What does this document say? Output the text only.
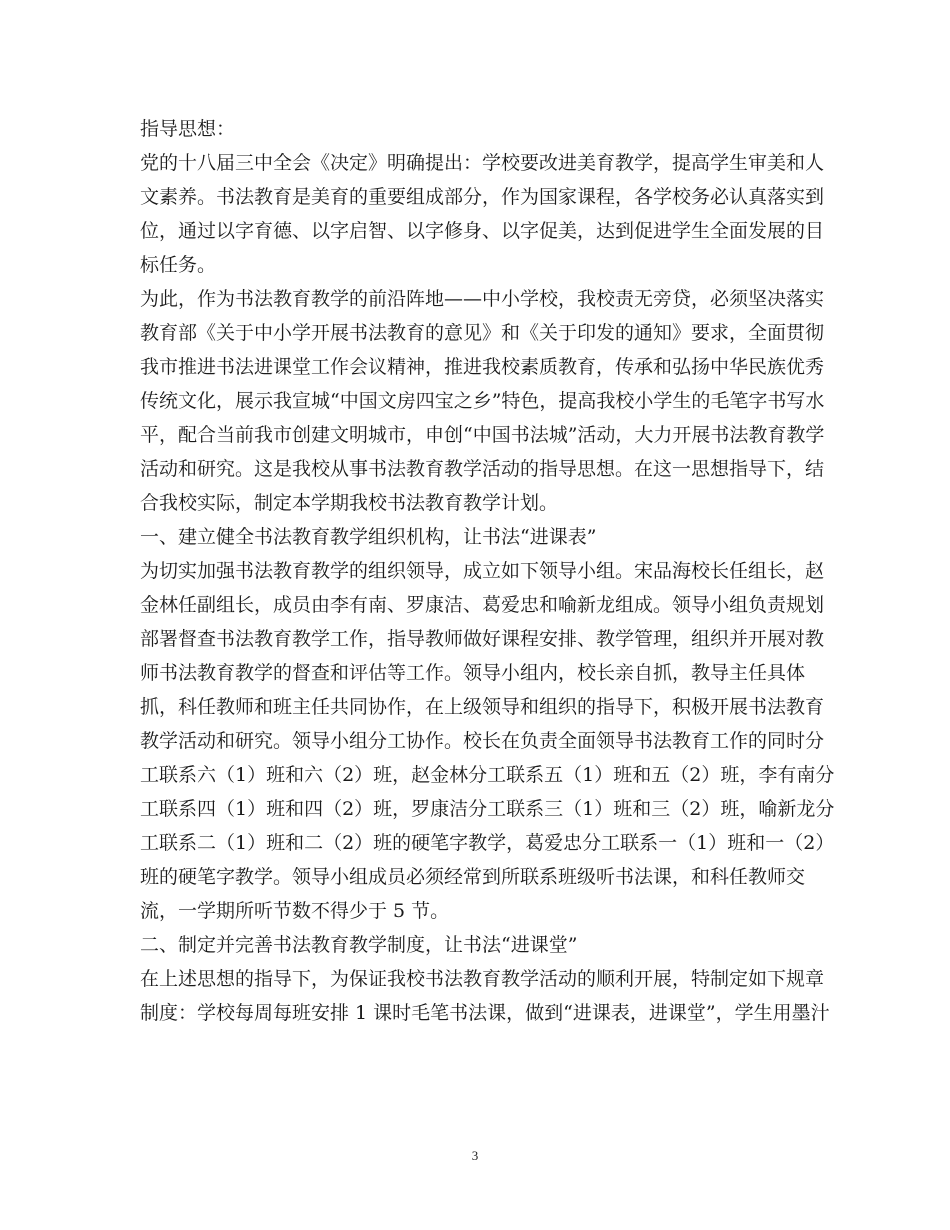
指导思想：
党的十八届三中全会《决定》明确提出：学校要改进美育教学，提高学生审美和人
文素养。书法教育是美育的重要组成部分，作为国家课程，各学校务必认真落实到
位，通过以字育德、以字启智、以字修身、以字促美，达到促进学生全面发展的目
标任务。
为此，作为书法教育教学的前沿阵地——中小学校，我校责无旁贷，必须坚决落实
教育部《关于中小学开展书法教育的意见》和《关于印发的通知》要求，全面贯彻
我市推进书法进课堂工作会议精神，推进我校素质教育，传承和弘扬中华民族优秀
传统文化，展示我宣城“中国文房四宝之乡”特色，提高我校小学生的毛笔字书写水
平，配合当前我市创建文明城市，申创“中国书法城”活动，大力开展书法教育教学
活动和研究。这是我校从事书法教育教学活动的指导思想。在这一思想指导下，结
合我校实际，制定本学期我校书法教育教学计划。
一、建立健全书法教育教学组织机构，让书法“进课表”
为切实加强书法教育教学的组织领导，成立如下领导小组。宋品海校长任组长，赵
金林任副组长，成员由李有南、罗康洁、葛爱忠和喻新龙组成。领导小组负责规划
部署督查书法教育教学工作，指导教师做好课程安排、教学管理，组织并开展对教
师书法教育教学的督查和评估等工作。领导小组内，校长亲自抓，教导主任具体
抓，科任教师和班主任共同协作，在上级领导和组织的指导下，积极开展书法教育
教学活动和研究。领导小组分工协作。校长在负责全面领导书法教育工作的同时分
工联系六（1）班和六（2）班，赵金林分工联系五（1）班和五（2）班，李有南分
工联系四（1）班和四（2）班，罗康洁分工联系三（1）班和三（2）班，喻新龙分
工联系二（1）班和二（2）班的硬笔字教学，葛爱忠分工联系一（1）班和一（2）
班的硬笔字教学。领导小组成员必须经常到所联系班级听书法课，和科任教师交
流，一学期所听节数不得少于 5 节。
二、制定并完善书法教育教学制度，让书法“进课堂”
在上述思想的指导下，为保证我校书法教育教学活动的顺利开展，特制定如下规章
制度：学校每周每班安排 1 课时毛笔书法课，做到“进课表，进课堂”，学生用墨汁
3
